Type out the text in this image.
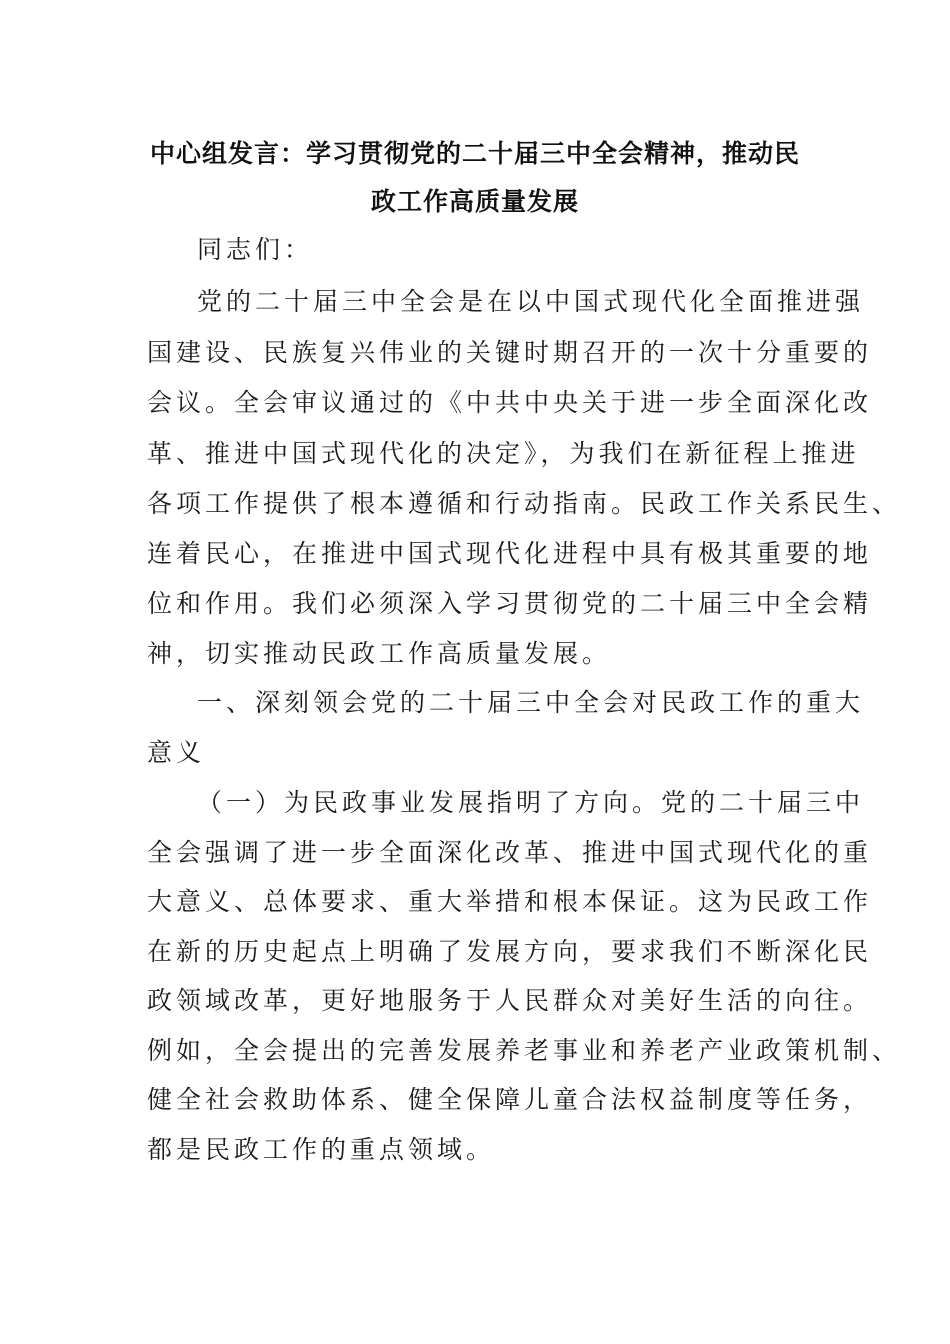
中心组发言：学习贯彻党的二十届三中全会精神，推动民
政工作高质量发展
同志们：
党的二十届三中全会是在以中国式现代化全面推进强
国建设、民族复兴伟业的关键时期召开的一次十分重要的
会议。全会审议通过的《中共中央关于进一步全面深化改
革、推进中国式现代化的决定》，为我们在新征程上推进
各项工作提供了根本遵循和行动指南。民政工作关系民生、
连着民心，在推进中国式现代化进程中具有极其重要的地
位和作用。我们必须深入学习贯彻党的二十届三中全会精
神，切实推动民政工作高质量发展。
一、深刻领会党的二十届三中全会对民政工作的重大
意义
（一）为民政事业发展指明了方向。党的二十届三中
全会强调了进一步全面深化改革、推进中国式现代化的重
大意义、总体要求、重大举措和根本保证。这为民政工作
在新的历史起点上明确了发展方向，要求我们不断深化民
政领域改革，更好地服务于人民群众对美好生活的向往。
例如，全会提出的完善发展养老事业和养老产业政策机制、
健全社会救助体系、健全保障儿童合法权益制度等任务，
都是民政工作的重点领域。
